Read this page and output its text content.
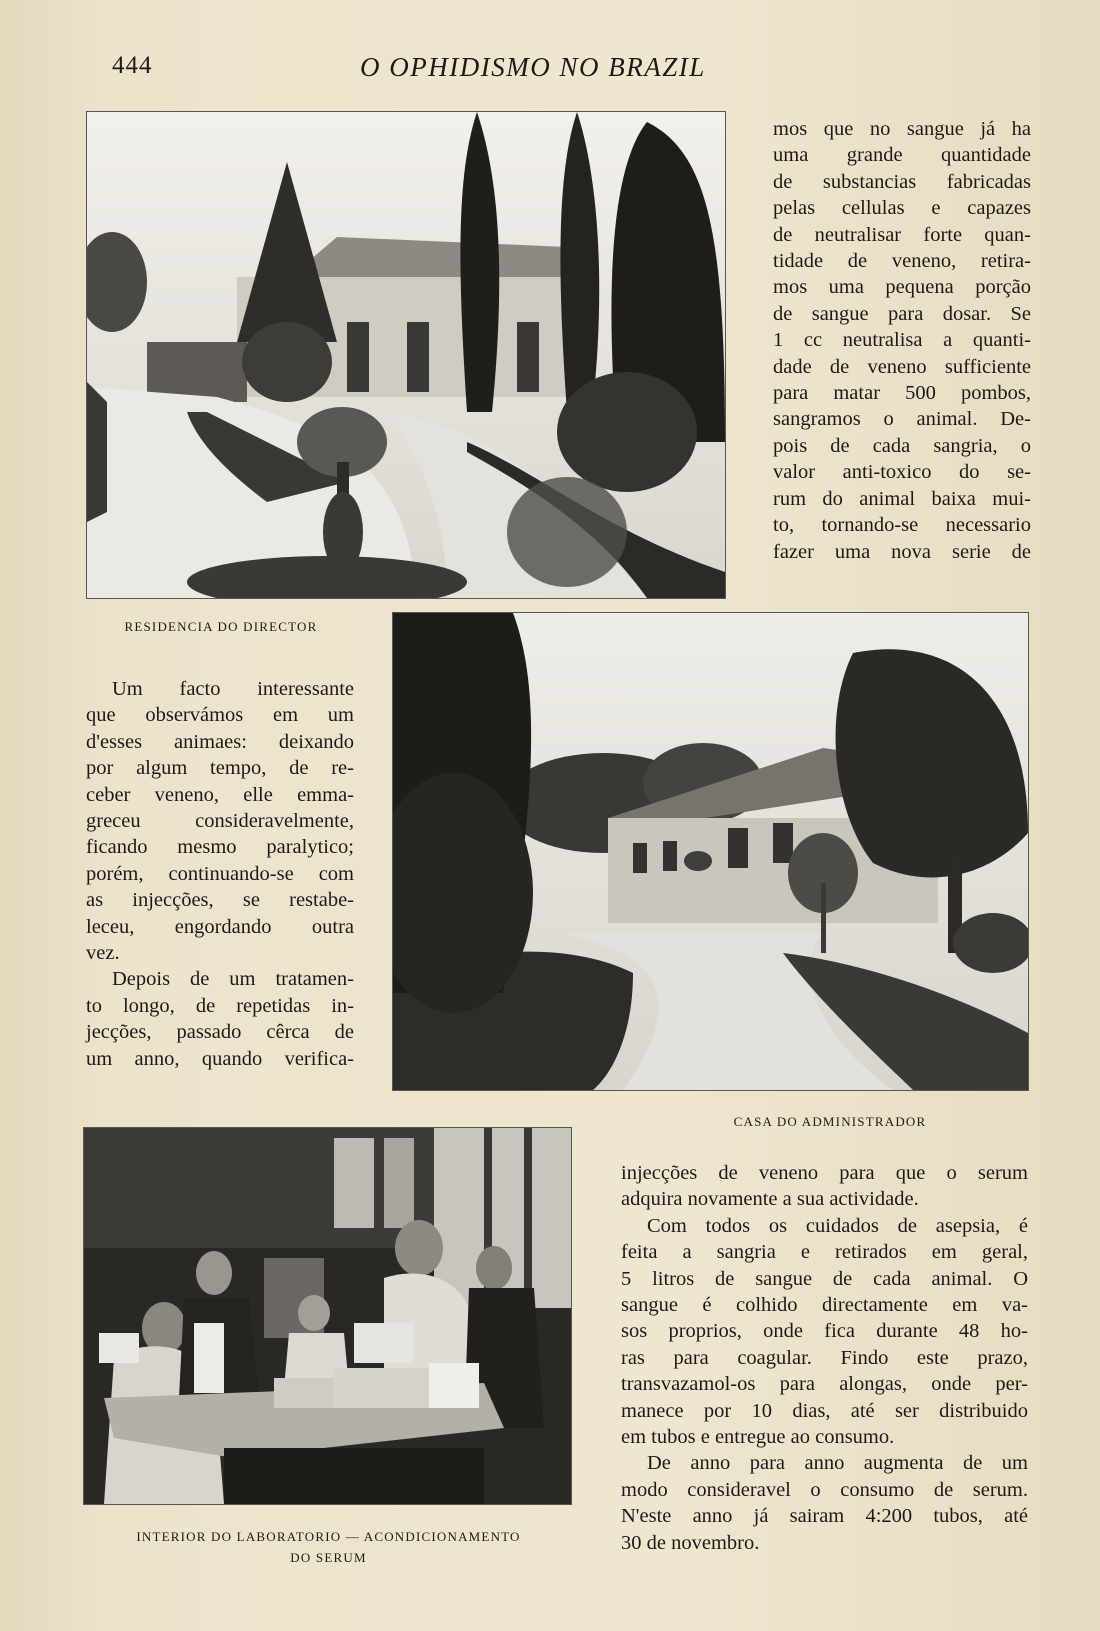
444	O OPHIDISMO NO BRAZIL
RESIDENCIA DO DIRECTOR
mos que no sangue já ha
uma grande quantidade
de substancias fabricadas
pelas cellulas e capazes
de neutralisar forte quan-
tidade de veneno, retira-
mos uma pequena porção
de sangue para dosar. Se
1 cc neutralisa a quanti-
dade de veneno sufficiente
para matar 500 pombos,
sangramos o animal. De-
pois de cada sangria, o
valor anti-toxico do se-
rum do animal baixa mui-
to, tornando-se necessario
fazer uma nova serie de
Um facto interessante
que observámos em um
d'esses animaes: deixando
por algum tempo, de re-
ceber veneno, elle emma-
greceu consideravelmente,
ficando mesmo paralytico;
porém, continuando-se com
as injecções, se restabe-
leceu, engordando outra
vez.
Depois de um tratamen-
to longo, de repetidas in-
jecções, passado cêrca de
um anno, quando verifica-
CASA DO ADMINISTRADOR
INTERIOR DO LABORATORIO — ACONDICIONAMENTO
DO SERUM
injecções de veneno para que o serum
adquira novamente a sua actividade.
Com todos os cuidados de asepsia, é
feita a sangria e retirados em geral,
5 litros de sangue de cada animal. O
sangue é colhido directamente em va-
sos proprios, onde fica durante 48 ho-
ras para coagular. Findo este prazo,
transvazamol-os para alongas, onde per-
manece por 10 dias, até ser distribuido
em tubos e entregue ao consumo.
De anno para anno augmenta de um
modo consideravel o consumo de serum.
N'este anno já sairam 4:200 tubos, até
30 de novembro.
